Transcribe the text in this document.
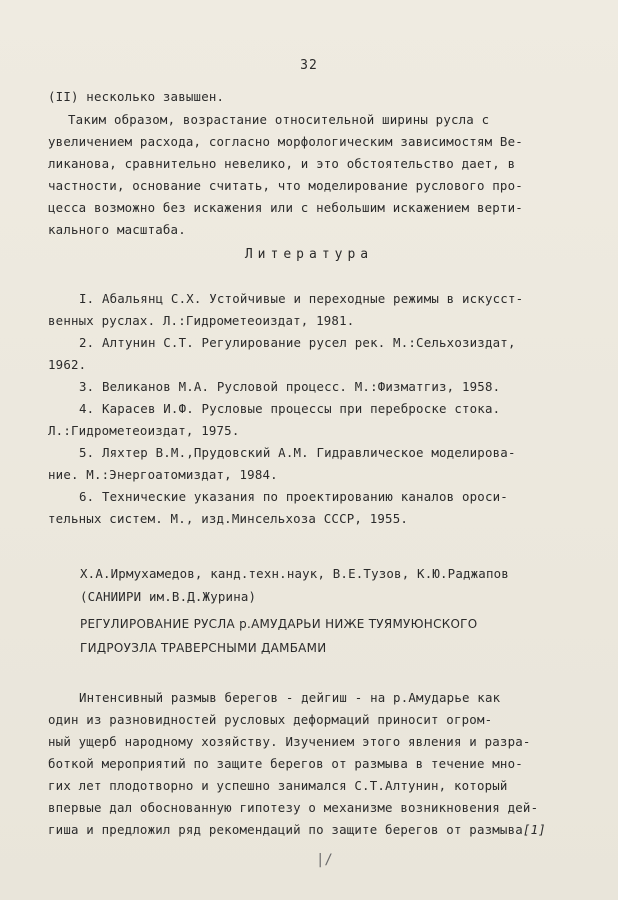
32
(II) несколько завышен.
Таким образом, возрастание относительной ширины русла с
увеличением расхода, согласно морфологическим зависимостям Ве-
ликанова, сравнительно невелико, и это обстоятельство дает, в
частности, основание считать, что моделирование руслового про-
цесса возможно без искажения или с небольшим искажением верти-
кального масштаба.
Литература
I. Абальянц С.Х. Устойчивые и переходные режимы в искусст-
венных руслах. Л.:Гидрометеоиздат, 1981.
2. Алтунин С.Т. Регулирование русел рек. М.:Сельхозиздат,
1962.
3. Великанов М.А. Русловой процесс. М.:Физматгиз, 1958.
4. Карасев И.Ф. Русловые процессы при переброске стока.
Л.:Гидрометеоиздат, 1975.
5. Ляхтер В.М.,Прудовский А.М. Гидравлическое моделирова-
ние. М.:Энергоатомиздат, 1984.
6. Технические указания по проектированию каналов ороси-
тельных систем. М., изд.Минсельхоза СССР, 1955.
Х.А.Ирмухамедов, канд.техн.наук, В.Е.Тузов, К.Ю.Раджапов
(САНИИРИ им.В.Д.Журина)
РЕГУЛИРОВАНИЕ РУСЛА р.АМУДАРЬИ НИЖЕ ТУЯМУЮНСКОГО
ГИДРОУЗЛА ТРАВЕРСНЫМИ ДАМБАМИ
Интенсивный размыв берегов - дейгиш - на р.Амударье как
один из разновидностей русловых деформаций приносит огром-
ный ущерб народному хозяйству. Изучением этого явления и разра-
боткой мероприятий по защите берегов от размыва в течение мно-
гих лет плодотворно и успешно занимался С.Т.Алтунин, который
впервые дал обоснованную гипотезу о механизме возникновения дей-
гиша и предложил ряд рекомендаций по защите берегов от размыва[1]
|/
